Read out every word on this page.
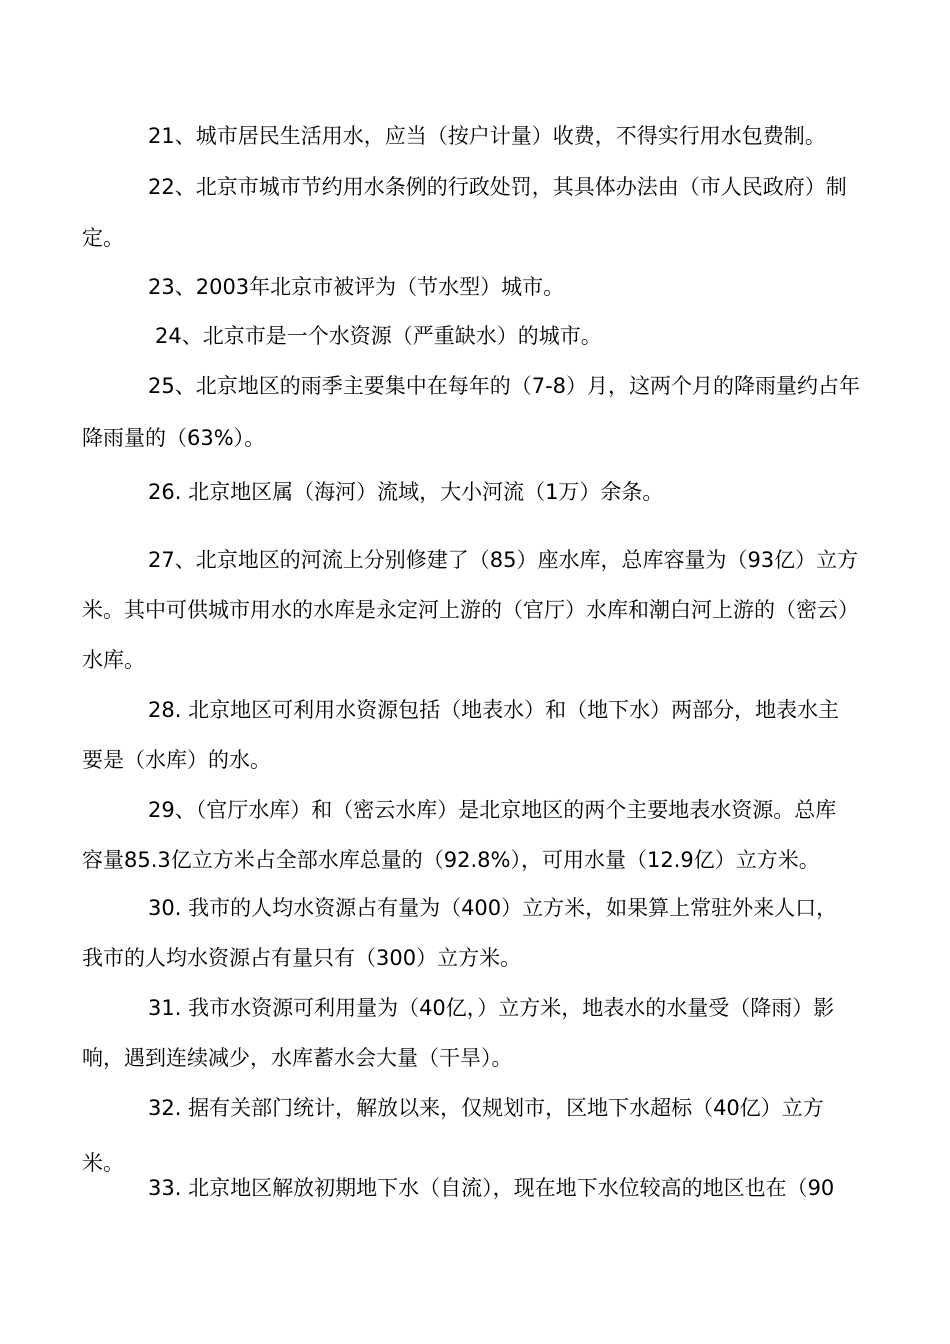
21、城市居民生活用水，应当（按户计量）收费，不得实行用水包费制。
22、北京市城市节约用水条例的行政处罚，其具体办法由（市人民政府）制
定。
23、2003年北京市被评为（节水型）城市。
24、北京市是一个水资源（严重缺水）的城市。
25、北京地区的雨季主要集中在每年的（7-8）月，这两个月的降雨量约占年
降雨量的（63%）。
26. 北京地区属（海河）流域，大小河流（1万）余条。
27、北京地区的河流上分别修建了（85）座水库，总库容量为（93亿）立方
米。其中可供城市用水的水库是永定河上游的（官厅）水库和潮白河上游的（密云）
水库。
28. 北京地区可利用水资源包括（地表水）和（地下水）两部分，地表水主
要是（水库）的水。
29、（官厅水库）和（密云水库）是北京地区的两个主要地表水资源。总库
容量85.3亿立方米占全部水库总量的（92.8%），可用水量（12.9亿）立方米。
30. 我市的人均水资源占有量为（400）立方米，如果算上常驻外来人口，
我市的人均水资源占有量只有（300）立方米。
31. 我市水资源可利用量为（40亿，）立方米，地表水的水量受（降雨）影
响，遇到连续减少，水库蓄水会大量（干旱）。
32. 据有关部门统计，解放以来，仅规划市，区地下水超标（40亿）立方
米。
33. 北京地区解放初期地下水（自流），现在地下水位较高的地区也在（90
